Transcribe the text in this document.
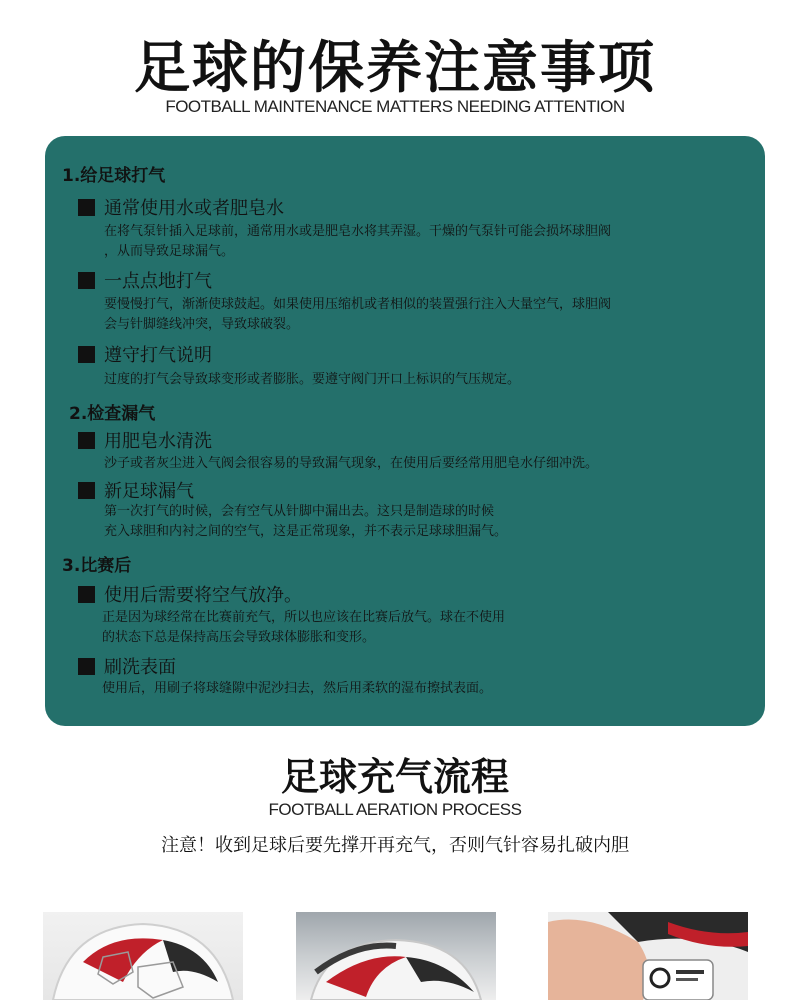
足球的保养注意事项
FOOTBALL MAINTENANCE MATTERS NEEDING ATTENTION
1.给足球打气
通常使用水或者肥皂水
在将气泵针插入足球前，通常用水或是肥皂水将其弄湿。干燥的气泵针可能会损坏球胆阀
，从而导致足球漏气。
一点点地打气
要慢慢打气，渐渐使球鼓起。如果使用压缩机或者相似的装置强行注入大量空气，球胆阀
会与针脚缝线冲突，导致球破裂。
遵守打气说明
过度的打气会导致球变形或者膨胀。要遵守阀门开口上标识的气压规定。
2.检查漏气
用肥皂水清洗
沙子或者灰尘进入气阀会很容易的导致漏气现象，在使用后要经常用肥皂水仔细冲洗。
新足球漏气
第一次打气的时候，会有空气从针脚中漏出去。这只是制造球的时候
充入球胆和内衬之间的空气，这是正常现象，并不表示足球球胆漏气。
3.比赛后
使用后需要将空气放净。
正是因为球经常在比赛前充气，所以也应该在比赛后放气。球在不使用
的状态下总是保持高压会导致球体膨胀和变形。
刷洗表面
使用后，用刷子将球缝隙中泥沙扫去，然后用柔软的湿布擦拭表面。
足球充气流程
FOOTBALL AERATION PROCESS
注意！收到足球后要先撑开再充气，否则气针容易扎破内胆
